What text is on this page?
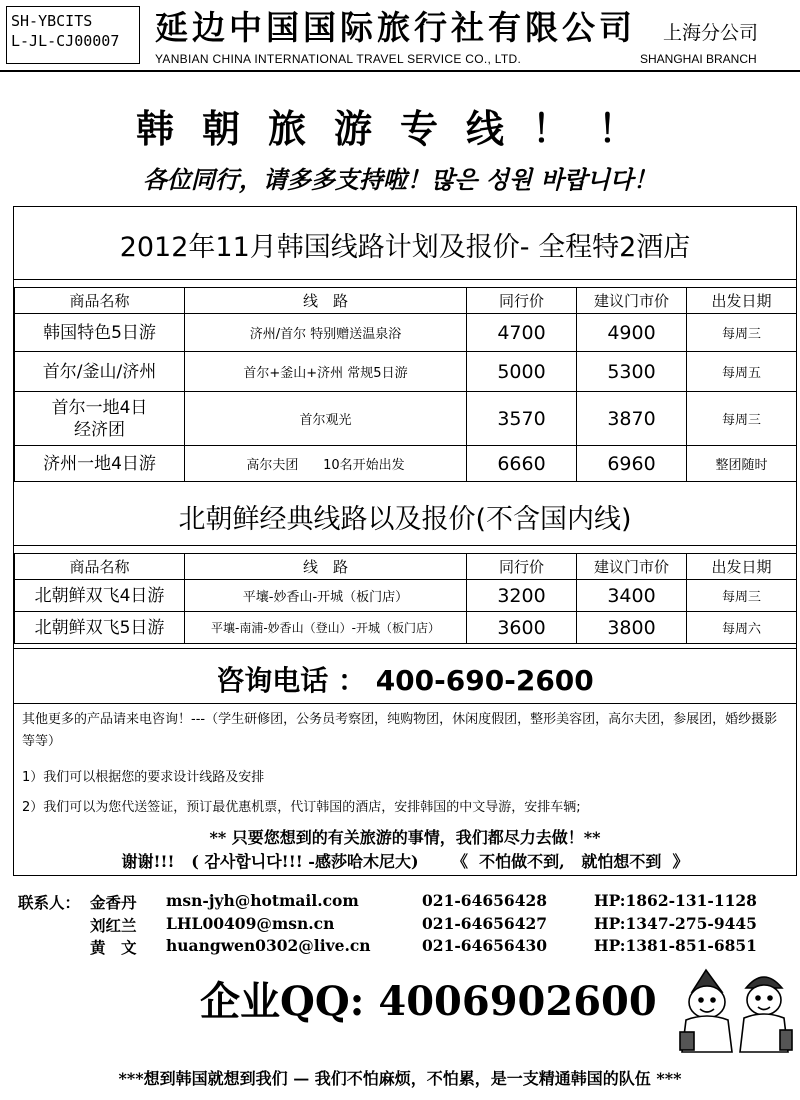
SH-YBCITS
L-JL-CJ00007	延边中国国际旅行社有限公司 上海分公司
YANBIAN CHINA INTERNATIONAL TRAVEL SERVICE CO., LTD.	SHANGHAI BRANCH
韩朝旅游专线！！
各位同行，请多多支持啦！많은 성원 바랍니다！
2012年11月韩国线路计划及报价- 全程特2酒店
商品名称	线　路	同行价	建议门市价	出发日期
韩国特色5日游	济州/首尔 特别赠送温泉浴	4700	4900	每周三
首尔/釜山/济州	首尔+釜山+济州 常规5日游	5000	5300	每周五
首尔一地4日
经济团	首尔观光	3570	3870	每周三
济州一地4日游	高尔夫团      10名开始出发	6660	6960	整团随时
北朝鲜经典线路以及报价(不含国内线)
商品名称	线　路	同行价	建议门市价	出发日期
北朝鲜双飞4日游	平壤-妙香山-开城（板门店）	3200	3400	每周三
北朝鲜双飞5日游	平壤-南浦-妙香山（登山）-开城（板门店）	3600	3800	每周六
咨询电话 ： 400-690-2600
其他更多的产品请来电咨询！---（学生研修团，公务员考察团，纯购物团，休闲度假团，整形美容团，高尔夫团，参展团，婚纱摄影等等）
1）我们可以根据您的要求设计线路及安排
2）我们可以为您代送签证，预订最优惠机票，代订韩国的酒店，安排韩国的中文导游，安排车辆;
** 只要您想到的有关旅游的事情，我们都尽力去做！**
谢谢!!!   ( 감사합니다!!! -感莎哈木尼大)      《  不怕做不到,   就怕想不到  》
联系人： 金香丹 msn-jyh@hotmail.com	021-64656428	HP:1862-131-1128
刘红兰 LHL00409@msn.cn	021-64656427	HP:1347-275-9445
黄　文 huangwen0302@live.cn	021-64656430	HP:1381-851-6851
企业QQ: 4006902600
***想到韩国就想到我们 — 我们不怕麻烦，不怕累，是一支精通韩国的队伍 ***
